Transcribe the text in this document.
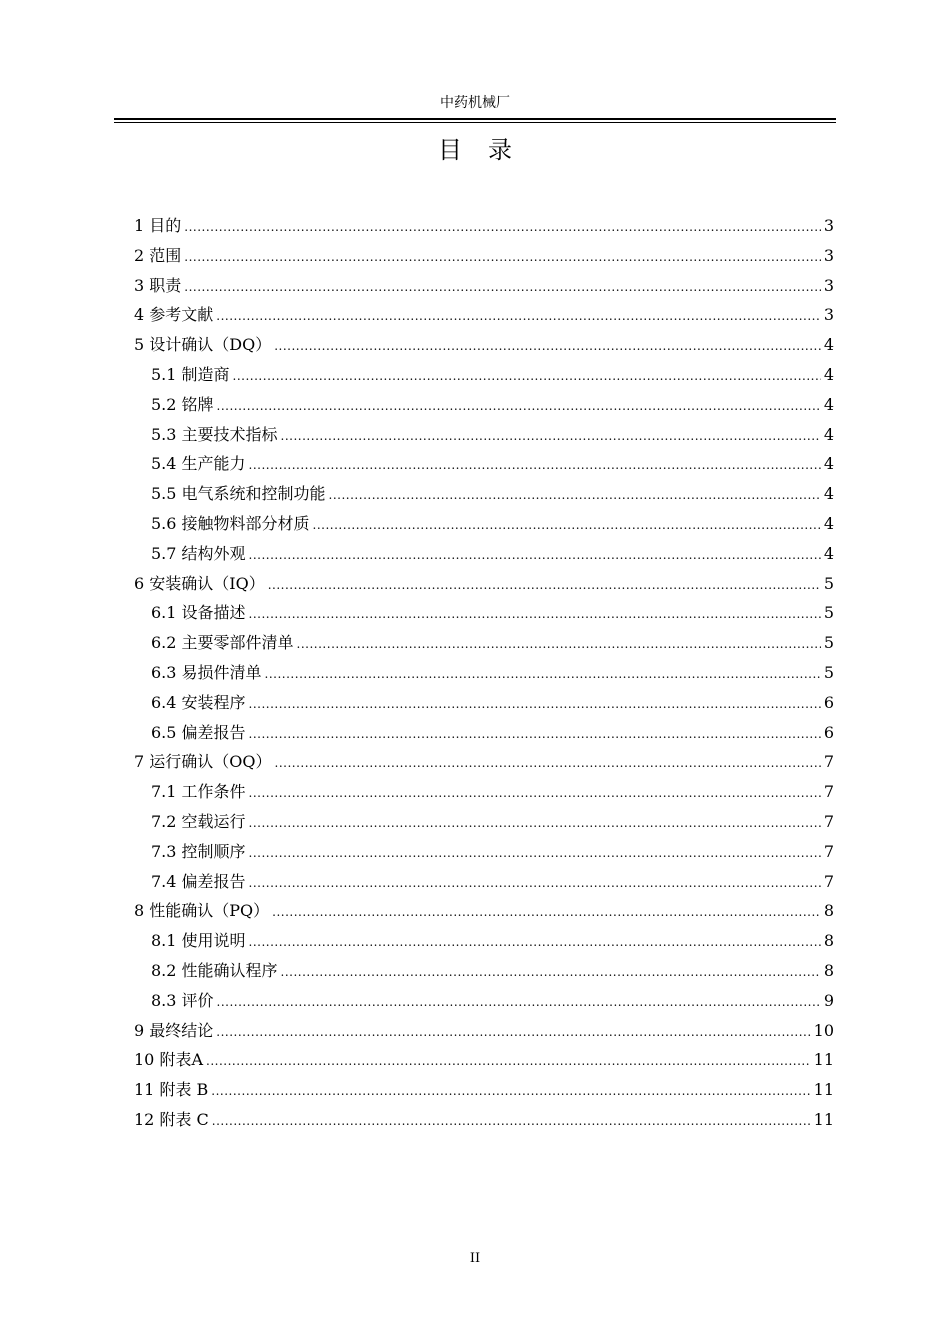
中药机械厂
目录
1 目的 .....	3
2 范围 .....	3
3 职责 .....	3
4 参考文献 .....	3
5 设计确认（DQ） .....	4
5.1 制造商 .....	4
5.2 铭牌 .....	4
5.3 主要技术指标 .....	4
5.4 生产能力 .....	4
5.5 电气系统和控制功能 .....	4
5.6 接触物料部分材质 .....	4
5.7 结构外观 .....	4
6 安装确认（IQ） .....	5
6.1 设备描述 .....	5
6.2 主要零部件清单 .....	5
6.3 易损件清单 .....	5
6.4 安装程序 .....	6
6.5 偏差报告 .....	6
7 运行确认（OQ） .....	7
7.1 工作条件 .....	7
7.2 空载运行 .....	7
7.3 控制顺序 .....	7
7.4 偏差报告 .....	7
8 性能确认（PQ） .....	8
8.1 使用说明 .....	8
8.2 性能确认程序 .....	8
8.3 评价 .....	9
9 最终结论 .....	10
10 附表A .....	11
11 附表 B .....	11
12 附表 C .....	11
II
